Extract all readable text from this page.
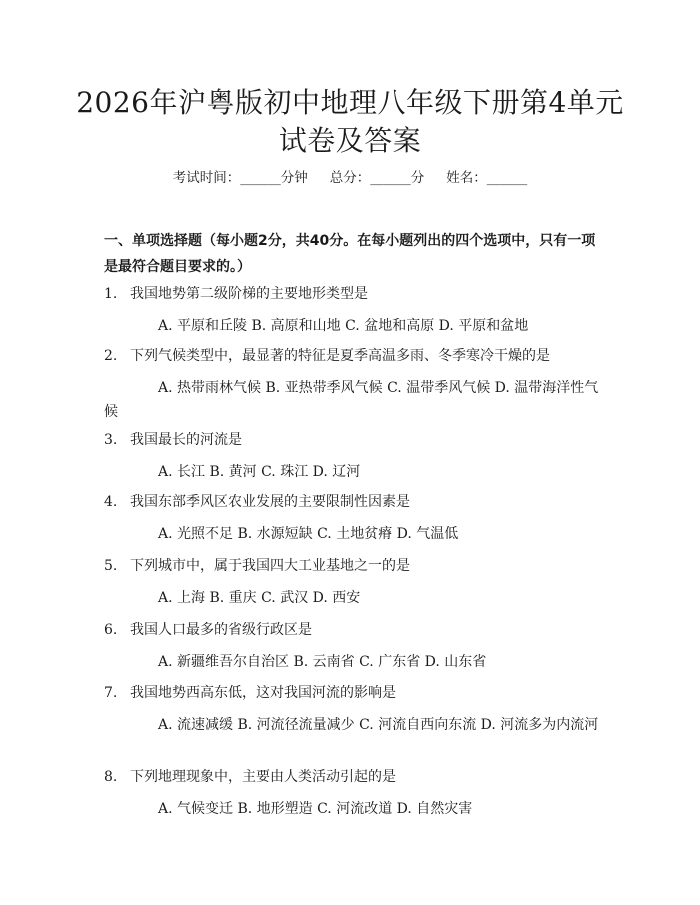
2026年沪粤版初中地理八年级下册第4单元
试卷及答案
考试时间：______分钟 总分：______分 姓名：______
一、单项选择题（每小题2分，共40分。在每小题列出的四个选项中，只有一项是最符合题目要求的。）
1. 我国地势第二级阶梯的主要地形类型是
A. 平原和丘陵 B. 高原和山地 C. 盆地和高原 D. 平原和盆地
2. 下列气候类型中，最显著的特征是夏季高温多雨、冬季寒冷干燥的是
A. 热带雨林气候 B. 亚热带季风气候 C. 温带季风气候 D. 温带海洋性气候
3. 我国最长的河流是
A. 长江 B. 黄河 C. 珠江 D. 辽河
4. 我国东部季风区农业发展的主要限制性因素是
A. 光照不足 B. 水源短缺 C. 土地贫瘠 D. 气温低
5. 下列城市中，属于我国四大工业基地之一的是
A. 上海 B. 重庆 C. 武汉 D. 西安
6. 我国人口最多的省级行政区是
A. 新疆维吾尔自治区 B. 云南省 C. 广东省 D. 山东省
7. 我国地势西高东低，这对我国河流的影响是
A. 流速减缓 B. 河流径流量减少 C. 河流自西向东流 D. 河流多为内流河
8. 下列地理现象中，主要由人类活动引起的是
A. 气候变迁 B. 地形塑造 C. 河流改道 D. 自然灾害
